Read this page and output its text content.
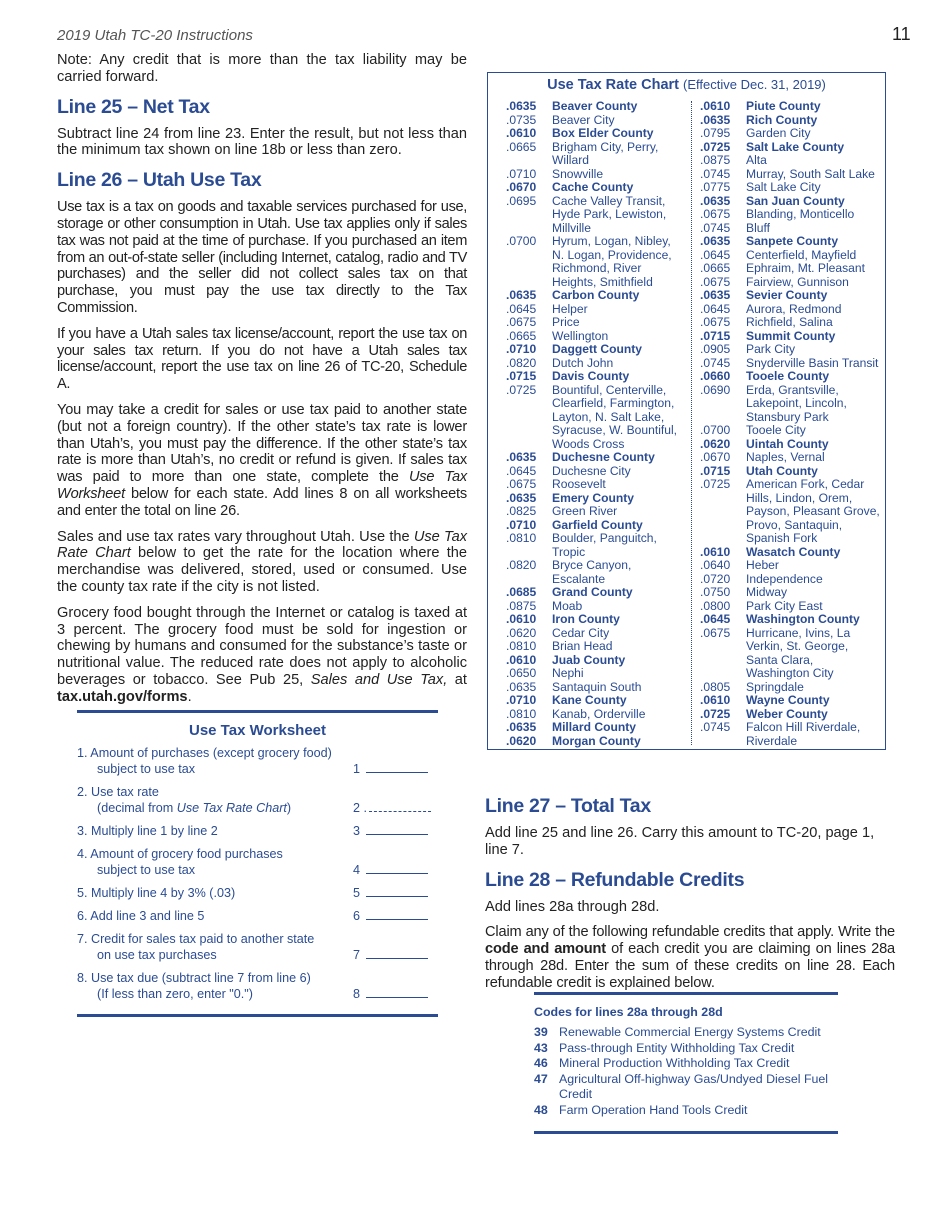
2019 Utah TC-20 Instructions	11

Note: Any credit that is more than the tax liability may be carried forward.

Line 25 – Net Tax

Subtract line 24 from line 23. Enter the result, but not less than the minimum tax shown on line 18b or less than zero.

Line 26 – Utah Use Tax

Use tax is a tax on goods and taxable services purchased for use, storage or other consumption in Utah. Use tax applies only if sales tax was not paid at the time of purchase. If you purchased an item from an out-of-state seller (including Internet, catalog, radio and TV purchases) and the seller did not collect sales tax on that purchase, you must pay the use tax directly to the Tax Commission.

If you have a Utah sales tax license/account, report the use tax on your sales tax return. If you do not have a Utah sales tax license/account, report the use tax on line 26 of TC-20, Schedule A.

You may take a credit for sales or use tax paid to another state (but not a foreign country). If the other state’s tax rate is lower than Utah’s, you must pay the difference. If the other state’s tax rate is more than Utah’s, no credit or refund is given. If sales tax was paid to more than one state, complete the Use Tax Worksheet below for each state. Add lines 8 on all worksheets and enter the total on line 26.

Sales and use tax rates vary throughout Utah. Use the Use Tax Rate Chart below to get the rate for the location where the merchandise was delivered, stored, used or consumed. Use the county tax rate if the city is not listed.

Grocery food bought through the Internet or catalog is taxed at 3 percent. The grocery food must be sold for ingestion or chewing by humans and consumed for the substance’s taste or nutritional value. The reduced rate does not apply to alcoholic beverages or tobacco. See Pub 25, Sales and Use Tax, at tax.utah.gov/forms.

Use Tax Rate Chart (Effective Dec. 31, 2019)
.0635	Beaver County
.0735	Beaver City
.0610	Box Elder County
.0665	Brigham City, Perry,
Willard
.0710	Snowville
.0670	Cache County
.0695	Cache Valley Transit,
Hyde Park, Lewiston,
Millville
.0700	Hyrum, Logan, Nibley,
N. Logan, Providence,
Richmond, River
Heights, Smithfield
.0635	Carbon County
.0645	Helper
.0675	Price
.0665	Wellington
.0710	Daggett County
.0820	Dutch John
.0715	Davis County
.0725	Bountiful, Centerville,
Clearfield, Farmington,
Layton, N. Salt Lake,
Syracuse, W. Bountiful,
Woods Cross
.0635	Duchesne County
.0645	Duchesne City
.0675	Roosevelt
.0635	Emery County
.0825	Green River
.0710	Garfield County
.0810	Boulder, Panguitch,
Tropic
.0820	Bryce Canyon,
Escalante
.0685	Grand County
.0875	Moab
.0610	Iron County
.0620	Cedar City
.0810	Brian Head
.0610	Juab County
.0650	Nephi
.0635	Santaquin South
.0710	Kane County
.0810	Kanab, Orderville
.0635	Millard County
.0620	Morgan County
.0610	Piute County
.0635	Rich County
.0795	Garden City
.0725	Salt Lake County
.0875	Alta
.0745	Murray, South Salt Lake
.0775	Salt Lake City
.0635	San Juan County
.0675	Blanding, Monticello
.0745	Bluff
.0635	Sanpete County
.0645	Centerfield, Mayfield
.0665	Ephraim, Mt. Pleasant
.0675	Fairview, Gunnison
.0635	Sevier County
.0645	Aurora, Redmond
.0675	Richfield, Salina
.0715	Summit County
.0905	Park City
.0745	Snyderville Basin Transit
.0660	Tooele County
.0690	Erda, Grantsville,
Lakepoint, Lincoln,
Stansbury Park
.0700	Tooele City
.0620	Uintah County
.0670	Naples, Vernal
.0715	Utah County
.0725	American Fork, Cedar
Hills, Lindon, Orem,
Payson, Pleasant Grove,
Provo, Santaquin,
Spanish Fork
.0610	Wasatch County
.0640	Heber
.0720	Independence
.0750	Midway
.0800	Park City East
.0645	Washington County
.0675	Hurricane, Ivins, La
Verkin, St. George,
Santa Clara,
Washington City
.0805	Springdale
.0610	Wayne County
.0725	Weber County
.0745	Falcon Hill Riverdale,
Riverdale
Use Tax Worksheet
1. Amount of purchases (except grocery food)
subject to use tax	1
2. Use tax rate
(decimal from Use Tax Rate Chart)	2 .
3. Multiply line 1 by line 2	3
4. Amount of grocery food purchases
subject to use tax	4
5. Multiply line 4 by 3% (.03)	5
6. Add line 3 and line 5	6
7. Credit for sales tax paid to another state
on use tax purchases	7
8. Use tax due (subtract line 7 from line 6)
(If less than zero, enter "0.")	8
Line 27 – Total Tax

Add line 25 and line 26. Carry this amount to TC-20, page 1, line 7.

Line 28 – Refundable Credits

Add lines 28a through 28d.

Claim any of the following refundable credits that apply. Write the code and amount of each credit you are claiming on lines 28a through 28d. Enter the sum of these credits on line 28. Each refundable credit is explained below.

Codes for lines 28a through 28d
39 Renewable Commercial Energy Systems Credit
43 Pass-through Entity Withholding Tax Credit
46 Mineral Production Withholding Tax Credit
47 Agricultural Off-highway Gas/Undyed Diesel Fuel Credit
48 Farm Operation Hand Tools Credit
